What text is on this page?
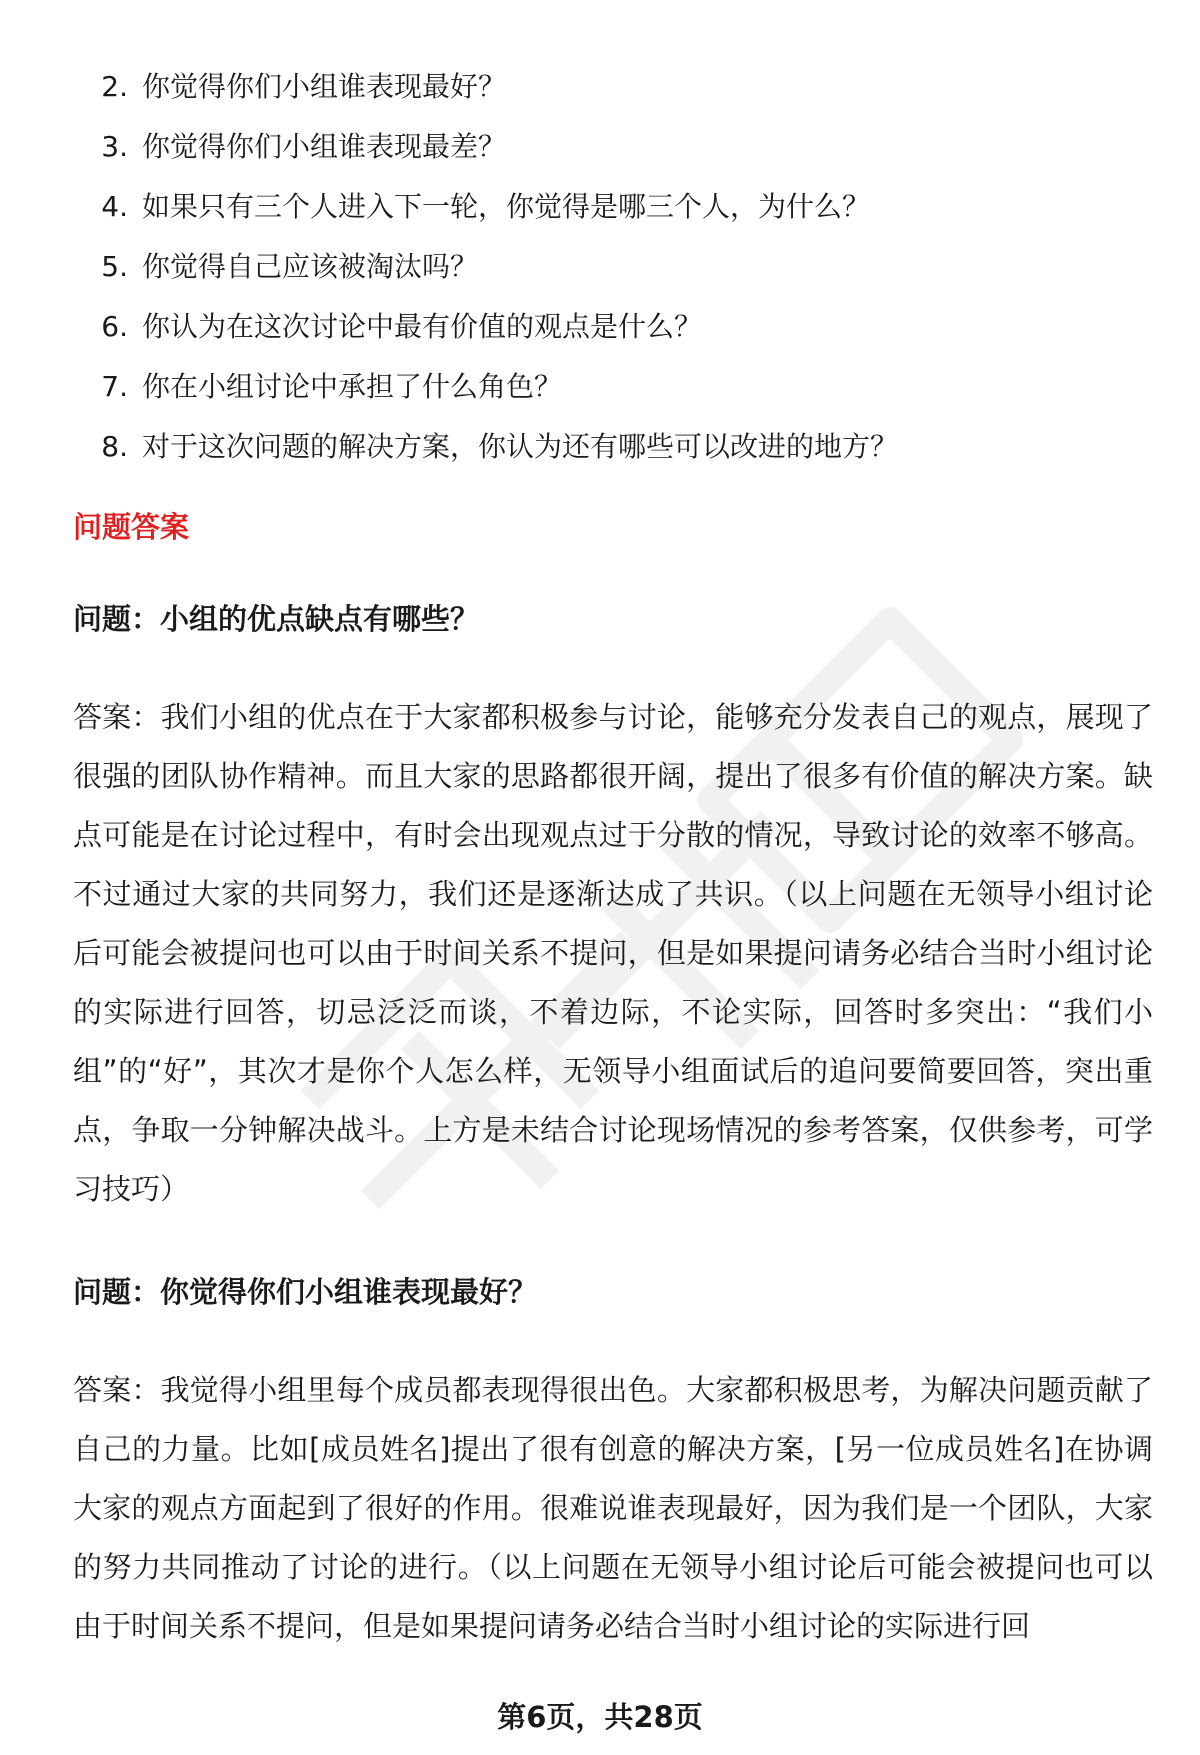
2. 你觉得你们小组谁表现最好？
3. 你觉得你们小组谁表现最差？
4. 如果只有三个人进入下一轮，你觉得是哪三个人，为什么？
5. 你觉得自己应该被淘汰吗？
6. 你认为在这次讨论中最有价值的观点是什么？
7. 你在小组讨论中承担了什么角色？
8. 对于这次问题的解决方案，你认为还有哪些可以改进的地方？
问题答案
问题：小组的优点缺点有哪些？
答案：我们小组的优点在于大家都积极参与讨论，能够充分发表自己的观点，展现了很强的团队协作精神。而且大家的思路都很开阔，提出了很多有价值的解决方案。缺点可能是在讨论过程中，有时会出现观点过于分散的情况，导致讨论的效率不够高。不过通过大家的共同努力，我们还是逐渐达成了共识。（以上问题在无领导小组讨论后可能会被提问也可以由于时间关系不提问，但是如果提问请务必结合当时小组讨论的实际进行回答，切忌泛泛而谈，不着边际，不论实际，回答时多突出：“我们小组”的“好”，其次才是你个人怎么样，无领导小组面试后的追问要简要回答，突出重点，争取一分钟解决战斗。上方是未结合讨论现场情况的参考答案，仅供参考，可学习技巧）
问题：你觉得你们小组谁表现最好？
答案：我觉得小组里每个成员都表现得很出色。大家都积极思考，为解决问题贡献了自己的力量。比如[成员姓名]提出了很有创意的解决方案，[另一位成员姓名]在协调大家的观点方面起到了很好的作用。很难说谁表现最好，因为我们是一个团队，大家的努力共同推动了讨论的进行。（以上问题在无领导小组讨论后可能会被提问也可以由于时间关系不提问，但是如果提问请务必结合当时小组讨论的实际进行回
第6页，共28页
